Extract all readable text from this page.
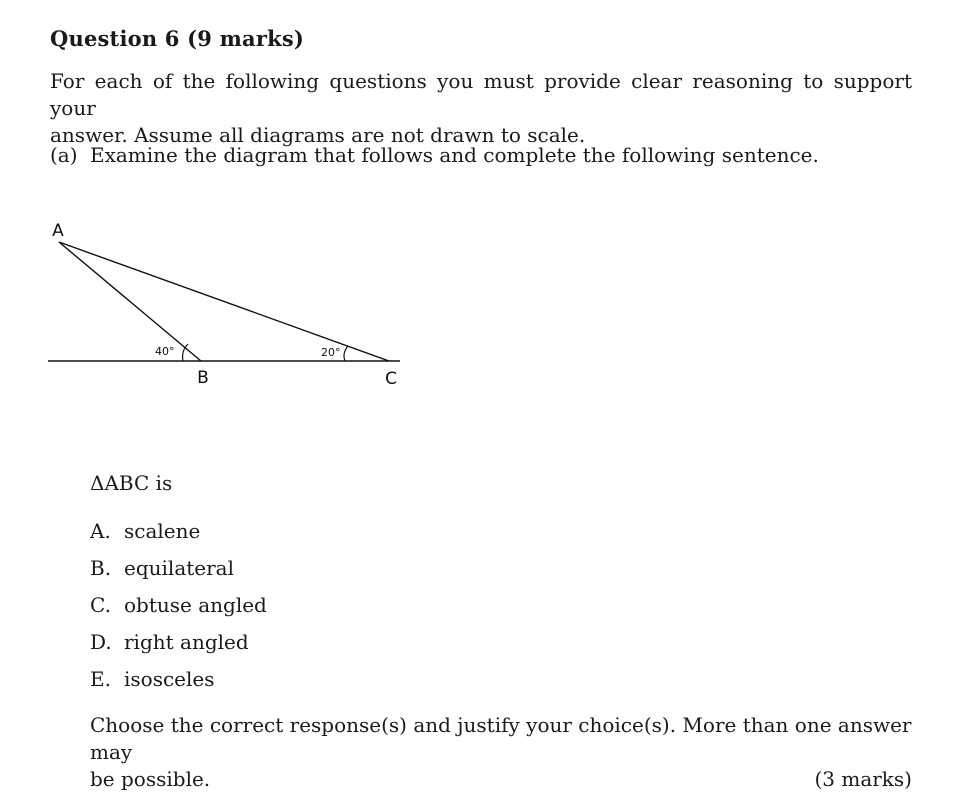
Question 6 (9 marks)
For each of the following questions you must provide clear reasoning to support your
answer. Assume all diagrams are not drawn to scale.
(a) Examine the diagram that follows and complete the following sentence.
A
B	C
40°	20°
ΔABC is
A. scalene
B. equilateral
C. obtuse angled
D. right angled
E. isosceles
Choose the correct response(s) and justify your choice(s). More than one answer may
be possible.	(3 marks)
